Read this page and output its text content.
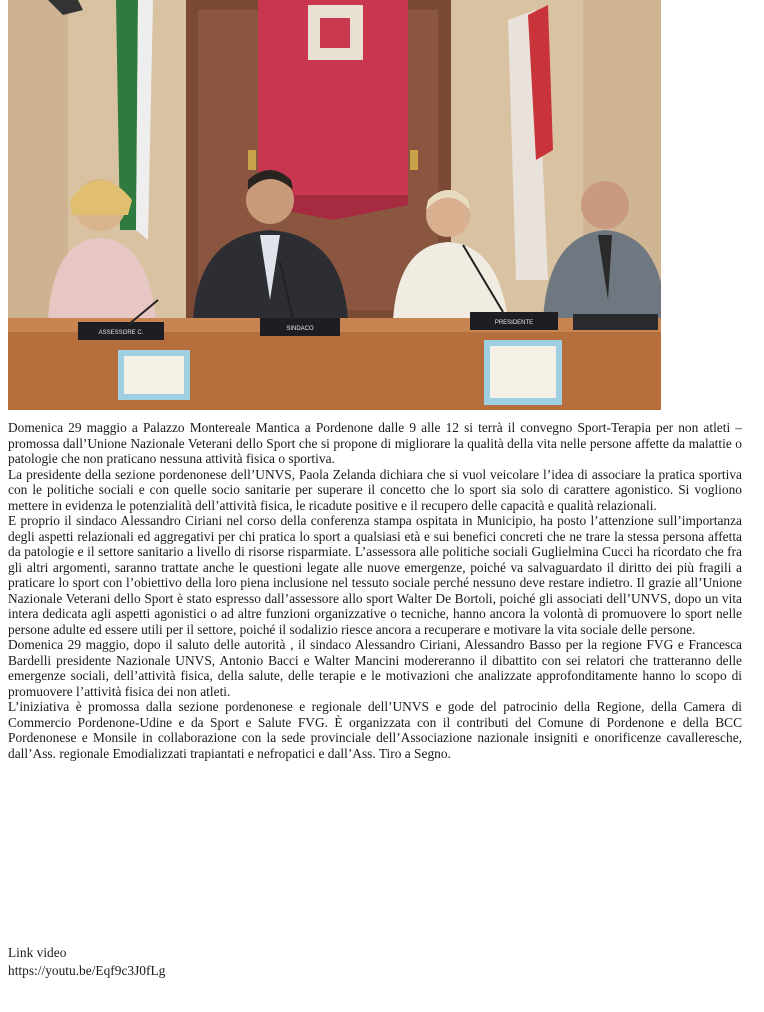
ASSESSORE C.
SINDACO
PRESIDENTE

Domenica 29 maggio a Palazzo Montereale Mantica a Pordenone dalle 9 alle 12 si terrà il convegno Sport-Terapia per non atleti – promossa dall’Unione Nazionale Veterani dello Sport che si propone di migliorare la qualità della vita nelle persone affette da malattie o patologie che non praticano nessuna attività fisica o sportiva.

La presidente della sezione pordenonese dell’UNVS, Paola Zelanda dichiara che si vuol veicolare l’idea di associare la pratica sportiva con le politiche sociali e con quelle socio sanitarie per superare il concetto che lo sport sia solo di carattere agonistico. Si vogliono mettere in evidenza le potenzialità dell’attività fisica, le ricadute positive e il recupero delle capacità e qualità relazionali.

E proprio il sindaco Alessandro Ciriani nel corso della conferenza stampa ospitata in Municipio, ha posto l’attenzione sull’importanza degli aspetti relazionali ed aggregativi per chi pratica lo sport a qualsiasi età e sui benefici concreti che ne trare la stessa persona affetta da patologie e il settore sanitario a livello di risorse risparmiate. L’assessora alle politiche sociali Guglielmina Cucci ha ricordato che fra gli altri argomenti, saranno trattate anche le questioni legate alle nuove emergenze, poiché va salvaguardato il diritto dei più fragili a praticare lo sport con l’obiettivo della loro piena inclusione nel tessuto sociale perché nessuno deve restare indietro. Il grazie all’Unione Nazionale Veterani dello Sport è stato espresso dall’assessore allo sport Walter De Bortoli, poiché gli associati dell’UNVS, dopo un vita intera dedicata agli aspetti agonistici o ad altre funzioni organizzative o tecniche, hanno ancora la volontà di promuovere lo sport nelle persone adulte ed essere utili per il settore, poiché il sodalizio riesce ancora a recuperare e motivare la vita sociale delle persone.

Domenica 29 maggio, dopo il saluto delle autorità , il sindaco Alessandro Ciriani, Alessandro Basso per la regione FVG e Francesca Bardelli presidente Nazionale UNVS, Antonio Bacci e Walter Mancini modereranno il dibattito con sei relatori che tratteranno delle emergenze sociali, dell’attività fisica, della salute, delle terapie e le motivazioni che analizzate approfonditamente hanno lo scopo di promuovere l’attività fisica dei non atleti.

L’iniziativa è promossa dalla sezione pordenonese e regionale dell’UNVS e gode del patrocinio della Regione, della Camera di Commercio Pordenone-Udine e da Sport e Salute FVG. È organizzata con il contributi del Comune di Pordenone e della BCC Pordenonese e Monsile in collaborazione con la sede provinciale dell’Associazione nazionale insigniti e onorificenze cavalleresche, dall’Ass. regionale Emodializzati trapiantati e nefropatici e dall’Ass. Tiro a Segno.

Link video
https://youtu.be/Eqf9c3J0fLg
